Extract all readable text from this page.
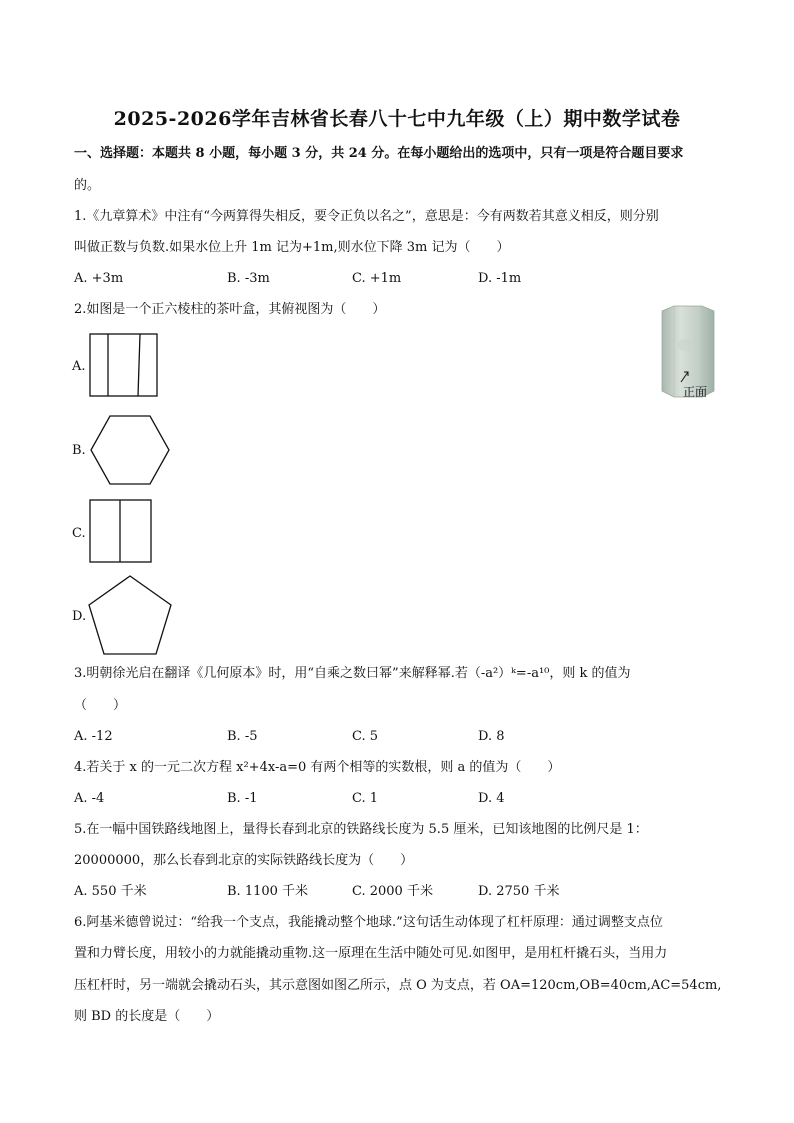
2025-2026学年吉林省长春八十七中九年级（上）期中数学试卷
一、选择题：本题共 8 小题，每小题 3 分，共 24 分。在每小题给出的选项中，只有一项是符合题目要求
的。
1.《九章算术》中注有“今两算得失相反，要令正负以名之”，意思是：今有两数若其意义相反，则分别
叫做正数与负数.如果水位上升 1m 记为+1m,则水位下降 3m 记为（　　）
A. +3m	B. -3m	C. +1m	D. -1m
2.如图是一个正六棱柱的茶叶盒，其俯视图为（　　）
A.
B.
C.
D.
正面
3.明朝徐光启在翻译《几何原本》时，用“自乘之数曰幂”来解释幂.若（-a²）ᵏ=-a¹⁰，则 k 的值为
（　　）
A. -12	B. -5	C. 5	D. 8
4.若关于 x 的一元二次方程 x²+4x-a=0 有两个相等的实数根，则 a 的值为（　　）
A. -4	B. -1	C. 1	D. 4
5.在一幅中国铁路线地图上，量得长春到北京的铁路线长度为 5.5 厘米，已知该地图的比例尺是 1：
20000000，那么长春到北京的实际铁路线长度为（　　）
A. 550 千米	B. 1100 千米	C. 2000 千米	D. 2750 千米
6.阿基米德曾说过：“给我一个支点，我能撬动整个地球.”这句话生动体现了杠杆原理：通过调整支点位
置和力臂长度，用较小的力就能撬动重物.这一原理在生活中随处可见.如图甲，是用杠杆撬石头，当用力
压杠杆时，另一端就会撬动石头，其示意图如图乙所示，点 O 为支点，若 OA=120cm,OB=40cm,AC=54cm,
则 BD 的长度是（　　）
